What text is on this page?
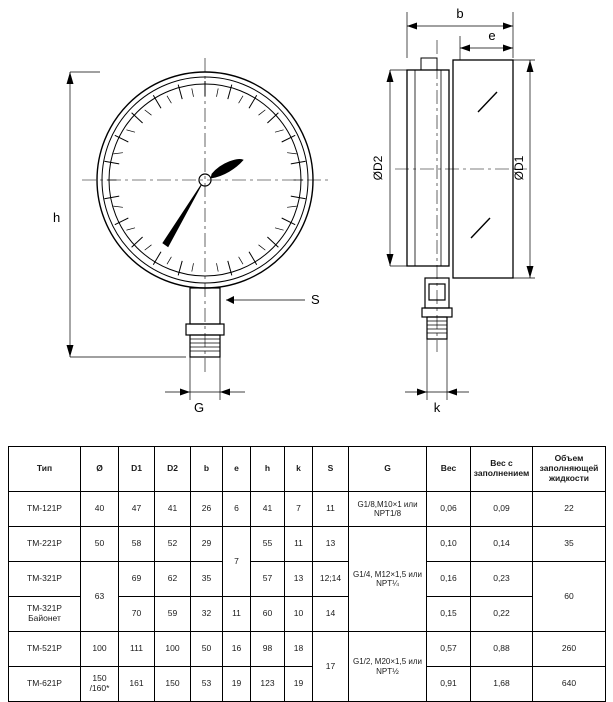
S
h
G
b
e
ØD2	ØD1
k
Тип	Ø	D1	D2	b	e	h	k	S	G	Вес	Вес с заполнением	Объем заполняющей жидкости
ТМ-121Р	40	47	41	26	6	41	7	11	G1/8,M10×1 или NPT1/8	0,06	0,09	22
ТМ-221Р	50	58	52	29	7	55	11	13	G1/4, M12×1,5 или NPT¼	0,10	0,14	35
ТМ-321Р	63	69	62	35		57	13	12;14		0,16	0,23	60
ТМ-321Р Байонет		70	59	32	11	60	10	14		0,15	0,22	
ТМ-521Р	100	111	100	50	16	98	18	17	G1/2, M20×1,5 или NPT½	0,57	0,88	260
ТМ-621Р	150 /160*	161	150	53	19	123	19			0,91	1,68	640
